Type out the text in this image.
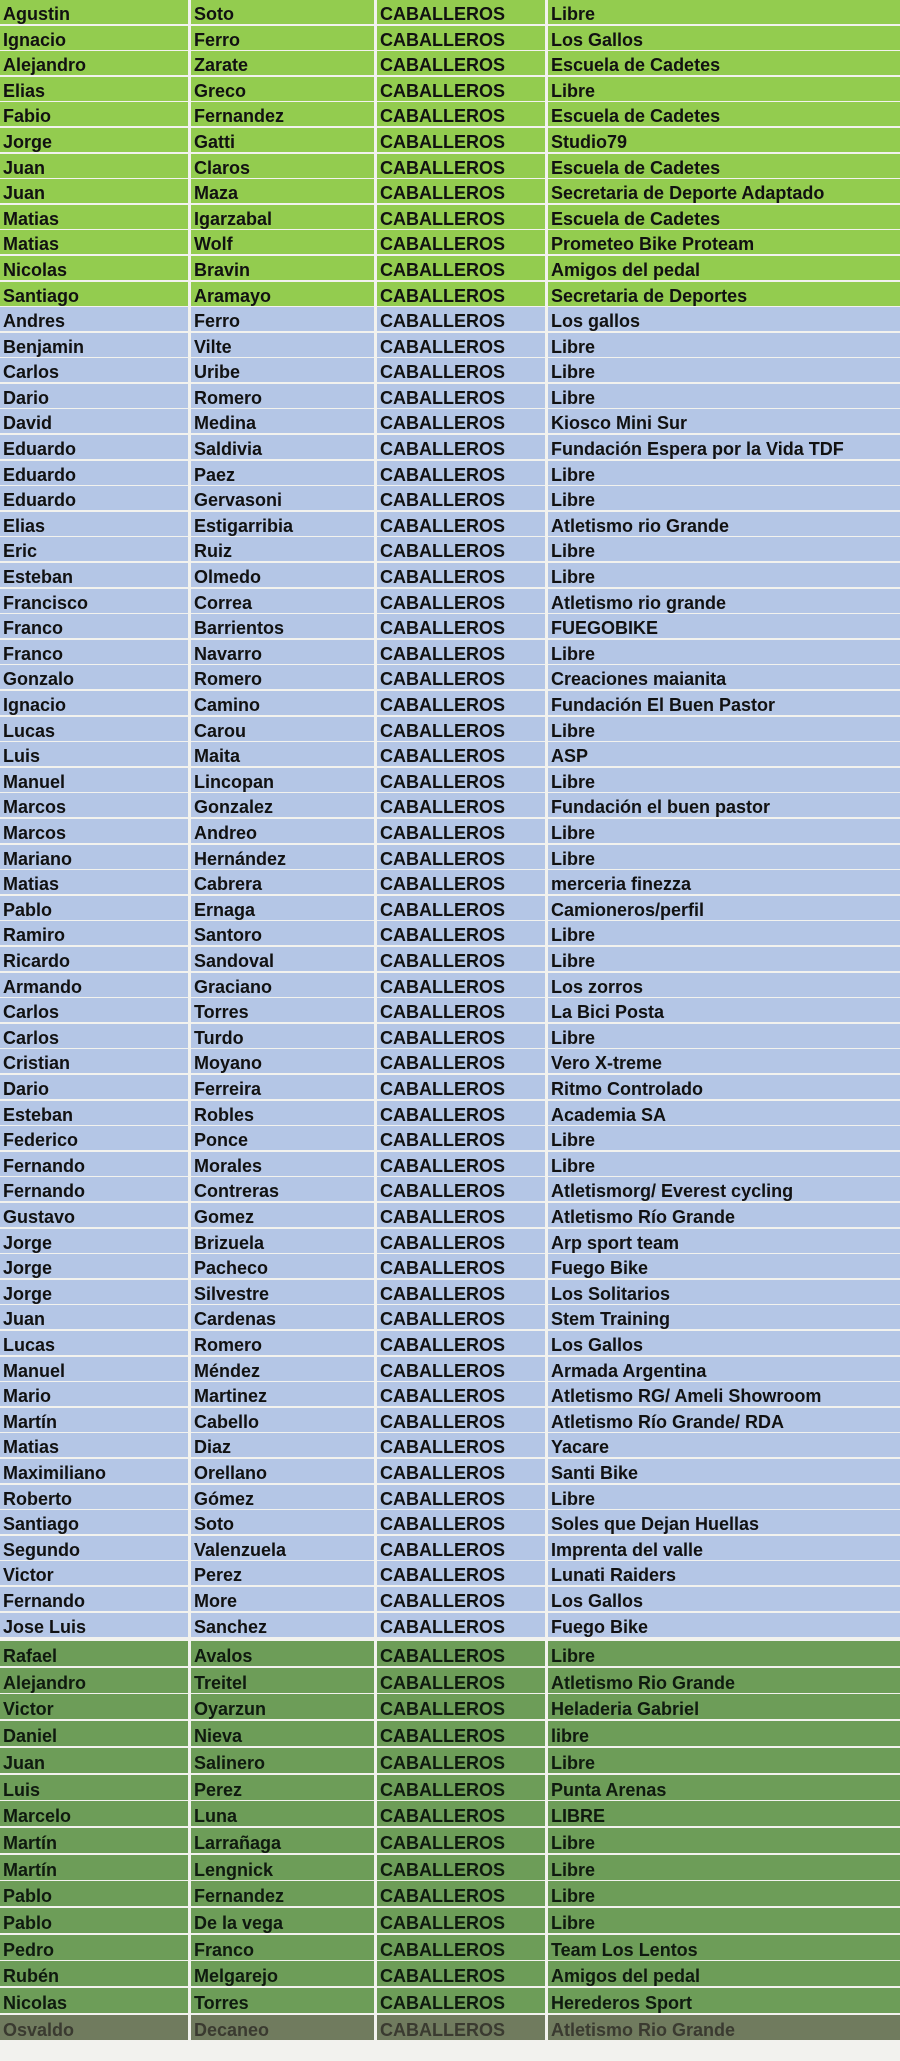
Agustin	Soto	CABALLEROS	Libre
Ignacio	Ferro	CABALLEROS	Los Gallos
Alejandro	Zarate	CABALLEROS	Escuela de Cadetes
Elias	Greco	CABALLEROS	Libre
Fabio	Fernandez	CABALLEROS	Escuela de Cadetes
Jorge	Gatti	CABALLEROS	Studio79
Juan	Claros	CABALLEROS	Escuela de Cadetes
Juan	Maza	CABALLEROS	Secretaria de Deporte Adaptado
Matias	Igarzabal	CABALLEROS	Escuela de Cadetes
Matias	Wolf	CABALLEROS	Prometeo Bike Proteam
Nicolas	Bravin	CABALLEROS	Amigos del pedal
Santiago	Aramayo	CABALLEROS	Secretaria de Deportes
Andres	Ferro	CABALLEROS	Los gallos
Benjamin	Vilte	CABALLEROS	Libre
Carlos	Uribe	CABALLEROS	Libre
Dario	Romero	CABALLEROS	Libre
David	Medina	CABALLEROS	Kiosco Mini Sur
Eduardo	Saldivia	CABALLEROS	Fundación Espera por la Vida TDF
Eduardo	Paez	CABALLEROS	Libre
Eduardo	Gervasoni	CABALLEROS	Libre
Elias	Estigarribia	CABALLEROS	Atletismo rio Grande
Eric	Ruiz	CABALLEROS	Libre
Esteban	Olmedo	CABALLEROS	Libre
Francisco	Correa	CABALLEROS	Atletismo rio grande
Franco	Barrientos	CABALLEROS	FUEGOBIKE
Franco	Navarro	CABALLEROS	Libre
Gonzalo	Romero	CABALLEROS	Creaciones maianita
Ignacio	Camino	CABALLEROS	Fundación El Buen Pastor
Lucas	Carou	CABALLEROS	Libre
Luis	Maita	CABALLEROS	ASP
Manuel	Lincopan	CABALLEROS	Libre
Marcos	Gonzalez	CABALLEROS	Fundación el buen pastor
Marcos	Andreo	CABALLEROS	Libre
Mariano	Hernández	CABALLEROS	Libre
Matias	Cabrera	CABALLEROS	merceria finezza
Pablo	Ernaga	CABALLEROS	Camioneros/perfil
Ramiro	Santoro	CABALLEROS	Libre
Ricardo	Sandoval	CABALLEROS	Libre
Armando	Graciano	CABALLEROS	Los zorros
Carlos	Torres	CABALLEROS	La Bici Posta
Carlos	Turdo	CABALLEROS	Libre
Cristian	Moyano	CABALLEROS	Vero X-treme
Dario	Ferreira	CABALLEROS	Ritmo Controlado
Esteban	Robles	CABALLEROS	Academia SA
Federico	Ponce	CABALLEROS	Libre
Fernando	Morales	CABALLEROS	Libre
Fernando	Contreras	CABALLEROS	Atletismorg/ Everest cycling
Gustavo	Gomez	CABALLEROS	Atletismo Río Grande
Jorge	Brizuela	CABALLEROS	Arp sport team
Jorge	Pacheco	CABALLEROS	Fuego Bike
Jorge	Silvestre	CABALLEROS	Los Solitarios
Juan	Cardenas	CABALLEROS	Stem Training
Lucas	Romero	CABALLEROS	Los Gallos
Manuel	Méndez	CABALLEROS	Armada Argentina
Mario	Martinez	CABALLEROS	Atletismo RG/ Ameli Showroom
Martín	Cabello	CABALLEROS	Atletismo Río Grande/ RDA
Matias	Diaz	CABALLEROS	Yacare
Maximiliano	Orellano	CABALLEROS	Santi Bike
Roberto	Gómez	CABALLEROS	Libre
Santiago	Soto	CABALLEROS	Soles que Dejan Huellas
Segundo	Valenzuela	CABALLEROS	Imprenta del valle
Victor	Perez	CABALLEROS	Lunati Raiders
Fernando	More	CABALLEROS	Los Gallos
Jose Luis	Sanchez	CABALLEROS	Fuego Bike
Rafael	Avalos	CABALLEROS	Libre
Alejandro	Treitel	CABALLEROS	Atletismo Rio Grande
Victor	Oyarzun	CABALLEROS	Heladeria Gabriel
Daniel	Nieva	CABALLEROS	libre
Juan	Salinero	CABALLEROS	Libre
Luis	Perez	CABALLEROS	Punta Arenas
Marcelo	Luna	CABALLEROS	LIBRE
Martín	Larrañaga	CABALLEROS	Libre
Martín	Lengnick	CABALLEROS	Libre
Pablo	Fernandez	CABALLEROS	Libre
Pablo	De la vega	CABALLEROS	Libre
Pedro	Franco	CABALLEROS	Team Los Lentos
Rubén	Melgarejo	CABALLEROS	Amigos del pedal
Nicolas	Torres	CABALLEROS	Herederos Sport
Osvaldo	Decaneo	CABALLEROS	Atletismo Rio Grande
